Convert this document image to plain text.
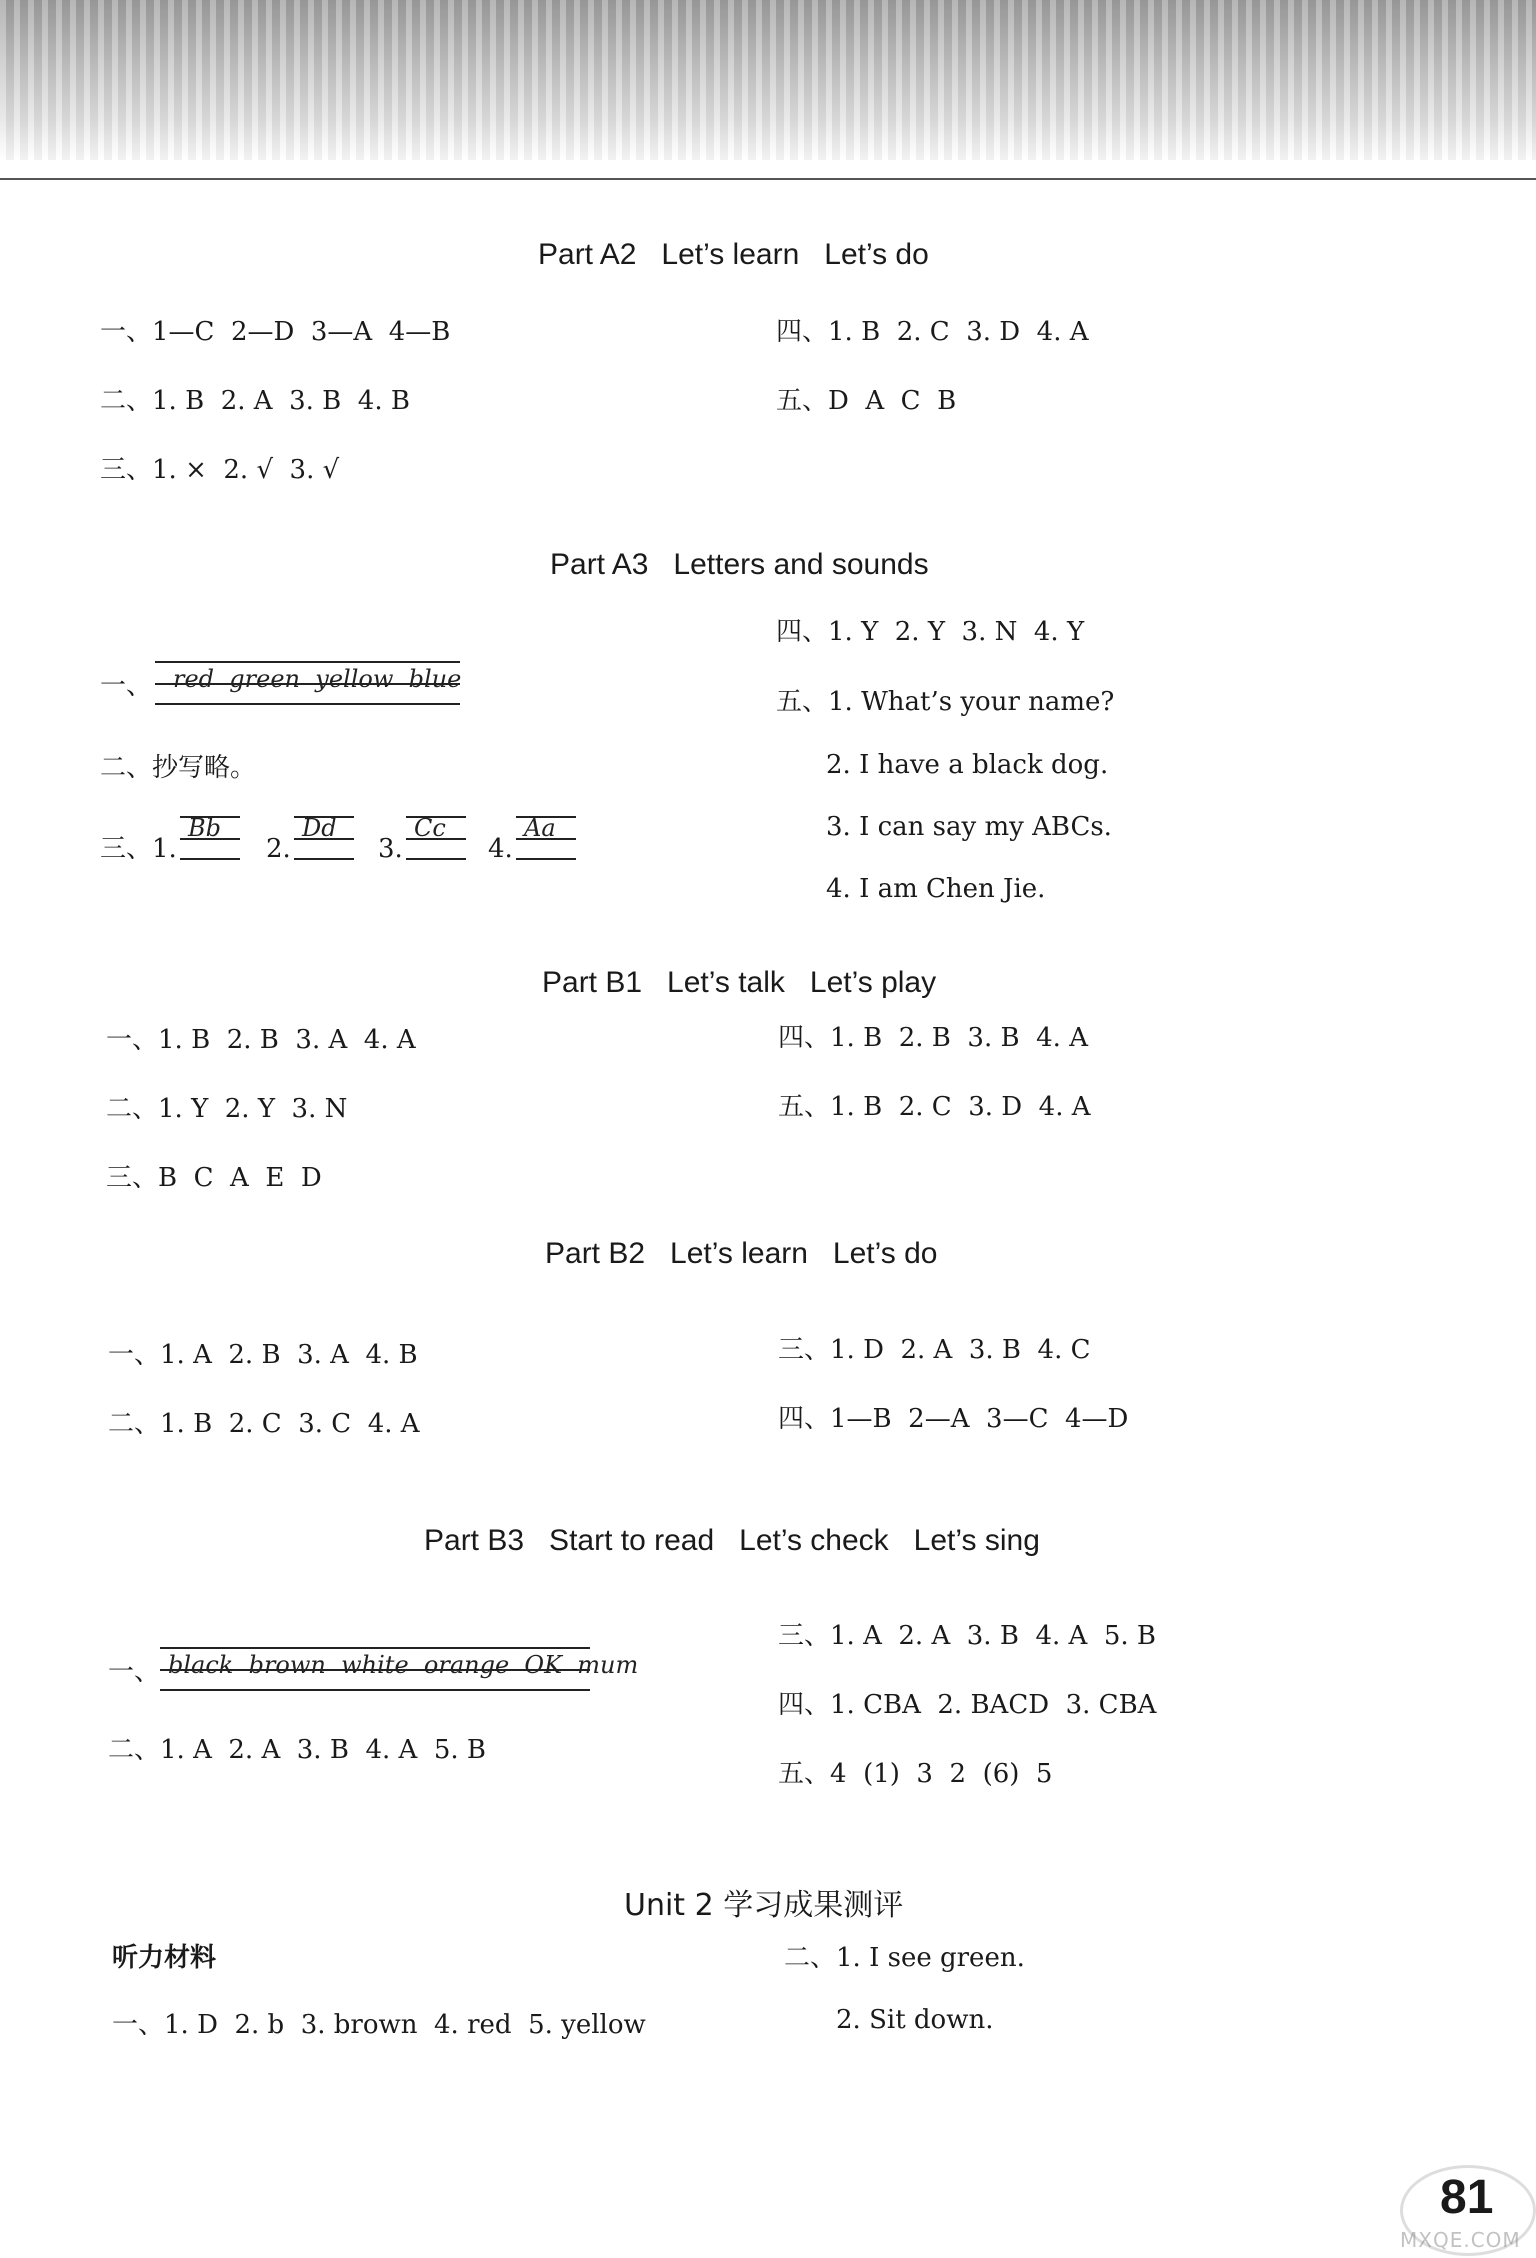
Part A2   Let’s learn   Let’s do
一、1—C  2—D  3—A  4—B
二、1. B  2. A  3. B  4. B
三、1. ×  2. √  3. √
四、1. B  2. C  3. D  4. A
五、D  A  C  B
Part A3   Letters and sounds
一、 red  green  yellow  blue
二、抄写略。
三、 1.
Bb
2.
Dd
3.
Cc
4.
Aa
四、1. Y  2. Y  3. N  4. Y
五、1. What’s your name?
2. I have a black dog.
3. I can say my ABCs.
4. I am Chen Jie.
Part B1   Let’s talk   Let’s play
一、1. B  2. B  3. A  4. A
二、1. Y  2. Y  3. N
三、B  C  A  E  D
四、1. B  2. B  3. B  4. A
五、1. B  2. C  3. D  4. A
Part B2   Let’s learn   Let’s do
一、1. A  2. B  3. A  4. B
二、1. B  2. C  3. C  4. A
三、1. D  2. A  3. B  4. C
四、1—B  2—A  3—C  4—D
Part B3   Start to read   Let’s check   Let’s sing
一、 black  brown  white  orange  OK  mum
二、1. A  2. A  3. B  4. A  5. B
三、1. A  2. A  3. B  4. A  5. B
四、1. CBA  2. BACD  3. CBA
五、4  (1)  3  2  (6)  5
Unit 2 学习成果测评
听力材料
一、1. D  2. b  3. brown  4. red  5. yellow
二、1. I see green.
2. Sit down.
81
MXQE.COM
